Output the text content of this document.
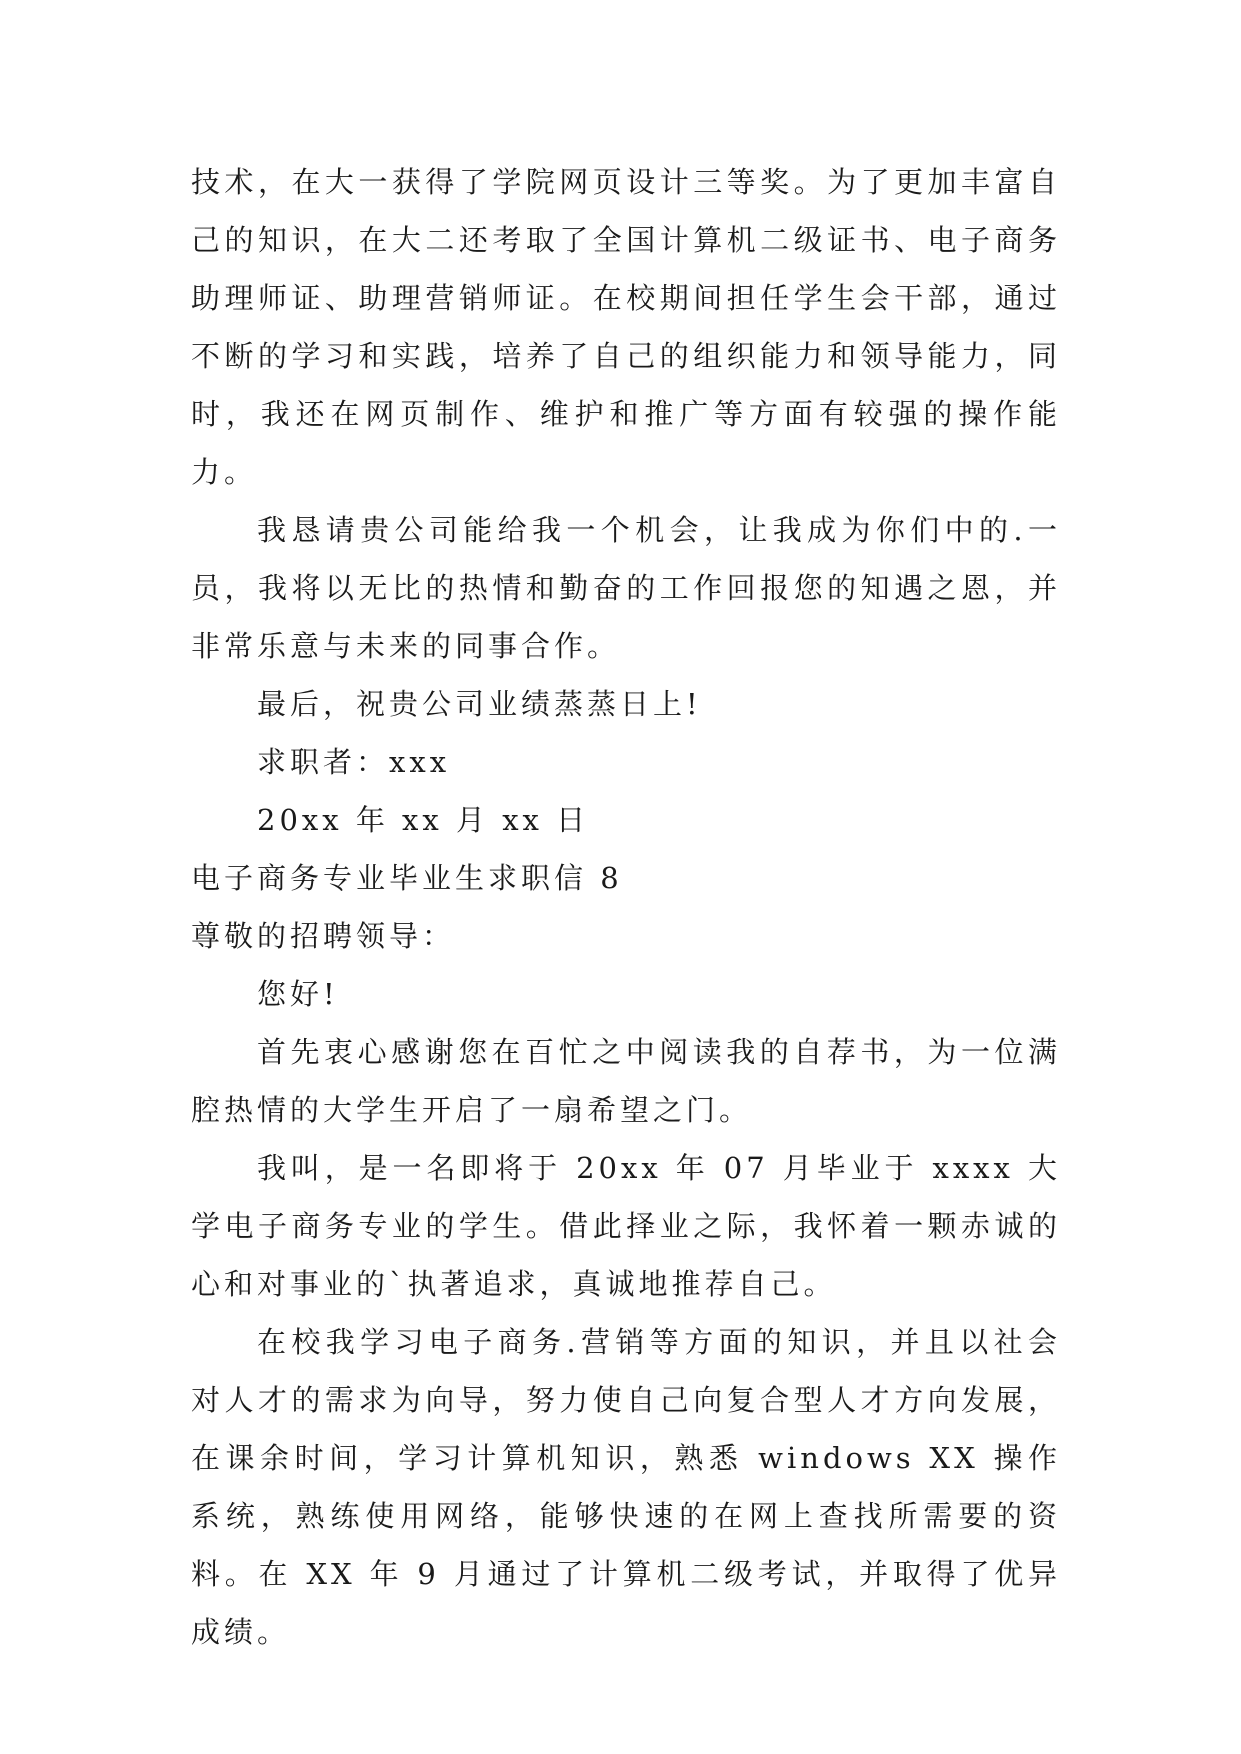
技术，在大一获得了学院网页设计三等奖。为了更加丰富自己的知识，在大二还考取了全国计算机二级证书、电子商务助理师证、助理营销师证。在校期间担任学生会干部，通过不断的学习和实践，培养了自己的组织能力和领导能力，同时，我还在网页制作、维护和推广等方面有较强的操作能力。

我恳请贵公司能给我一个机会，让我成为你们中的.一员，我将以无比的热情和勤奋的工作回报您的知遇之恩，并非常乐意与未来的同事合作。

最后，祝贵公司业绩蒸蒸日上!

求职者：xxx

20xx 年 xx 月 xx 日

电子商务专业毕业生求职信 8

尊敬的招聘领导：

您好!

首先衷心感谢您在百忙之中阅读我的自荐书，为一位满腔热情的大学生开启了一扇希望之门。

我叫，是一名即将于 20xx 年 07 月毕业于 xxxx 大学电子商务专业的学生。借此择业之际，我怀着一颗赤诚的心和对事业的`执著追求，真诚地推荐自己。

在校我学习电子商务.营销等方面的知识，并且以社会对人才的需求为向导，努力使自己向复合型人才方向发展，在课余时间，学习计算机知识，熟悉 windows XX 操作系统，熟练使用网络，能够快速的在网上查找所需要的资料。在 XX 年 9 月通过了计算机二级考试，并取得了优异成绩。
